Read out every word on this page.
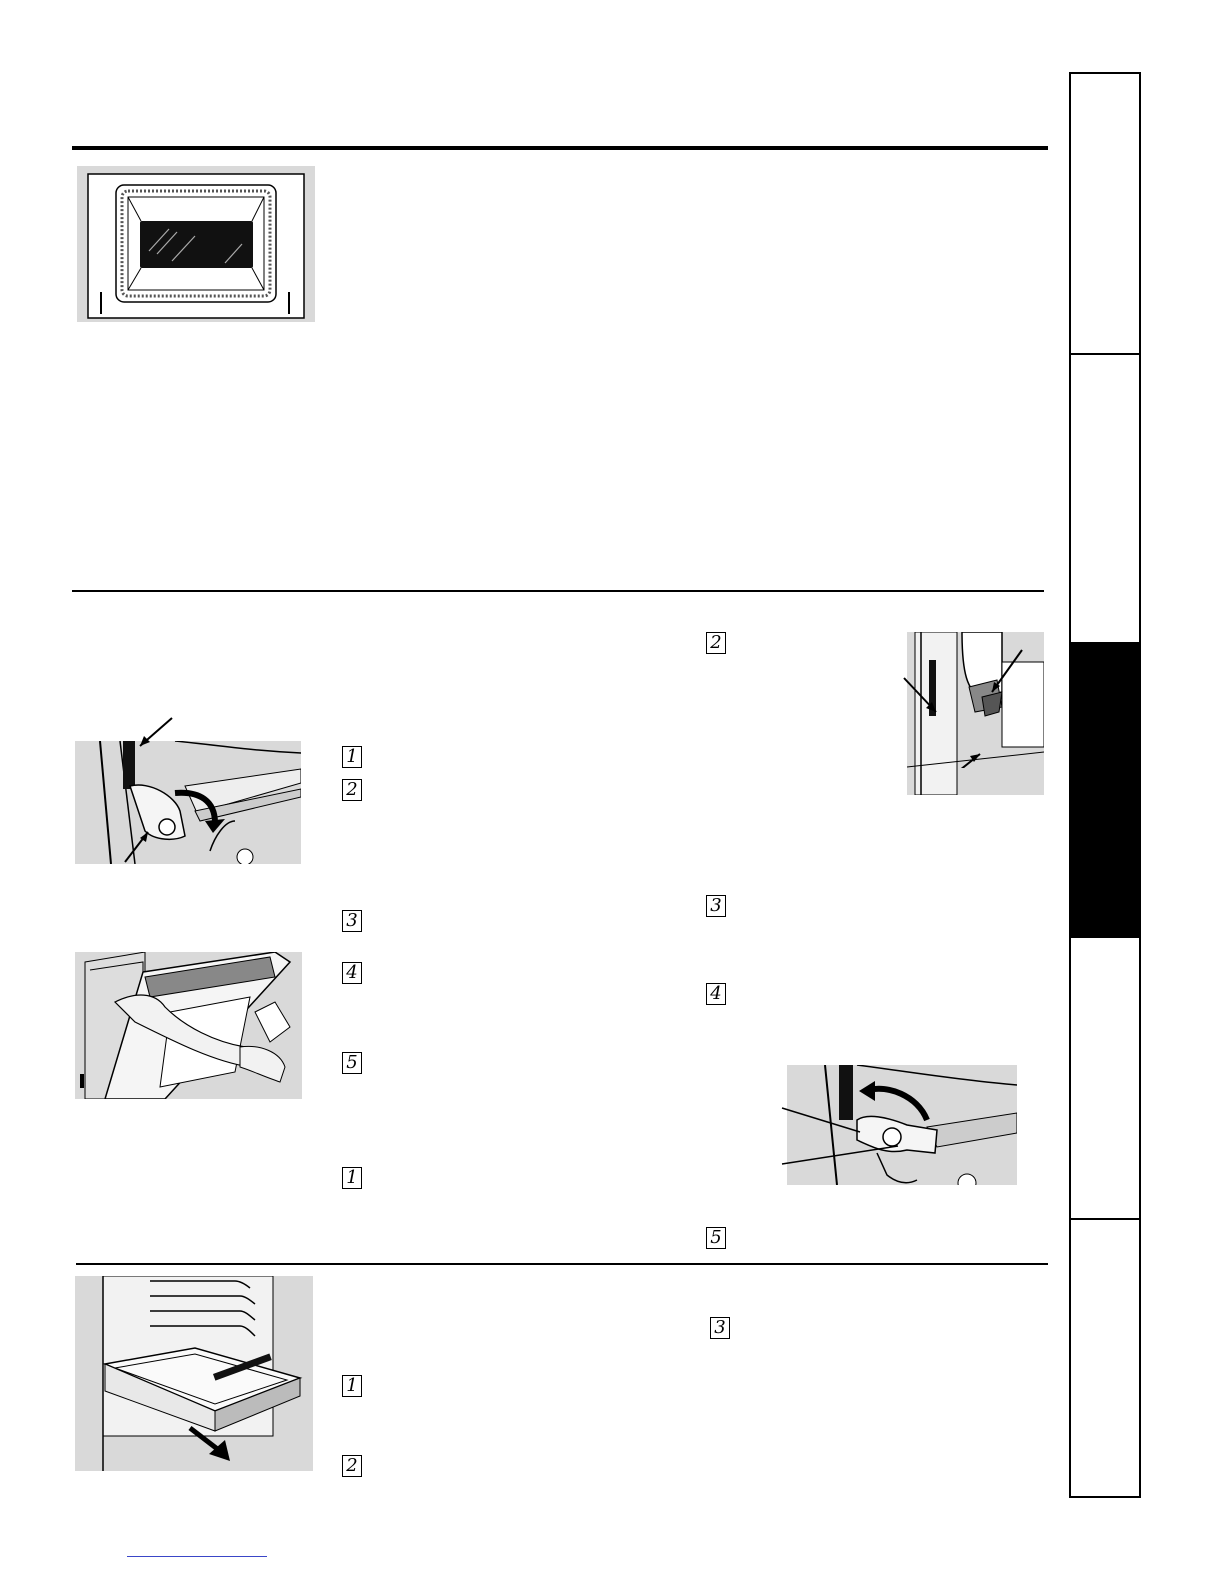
1
2
3
4
5
1
2
3
4
5
1
2
3
